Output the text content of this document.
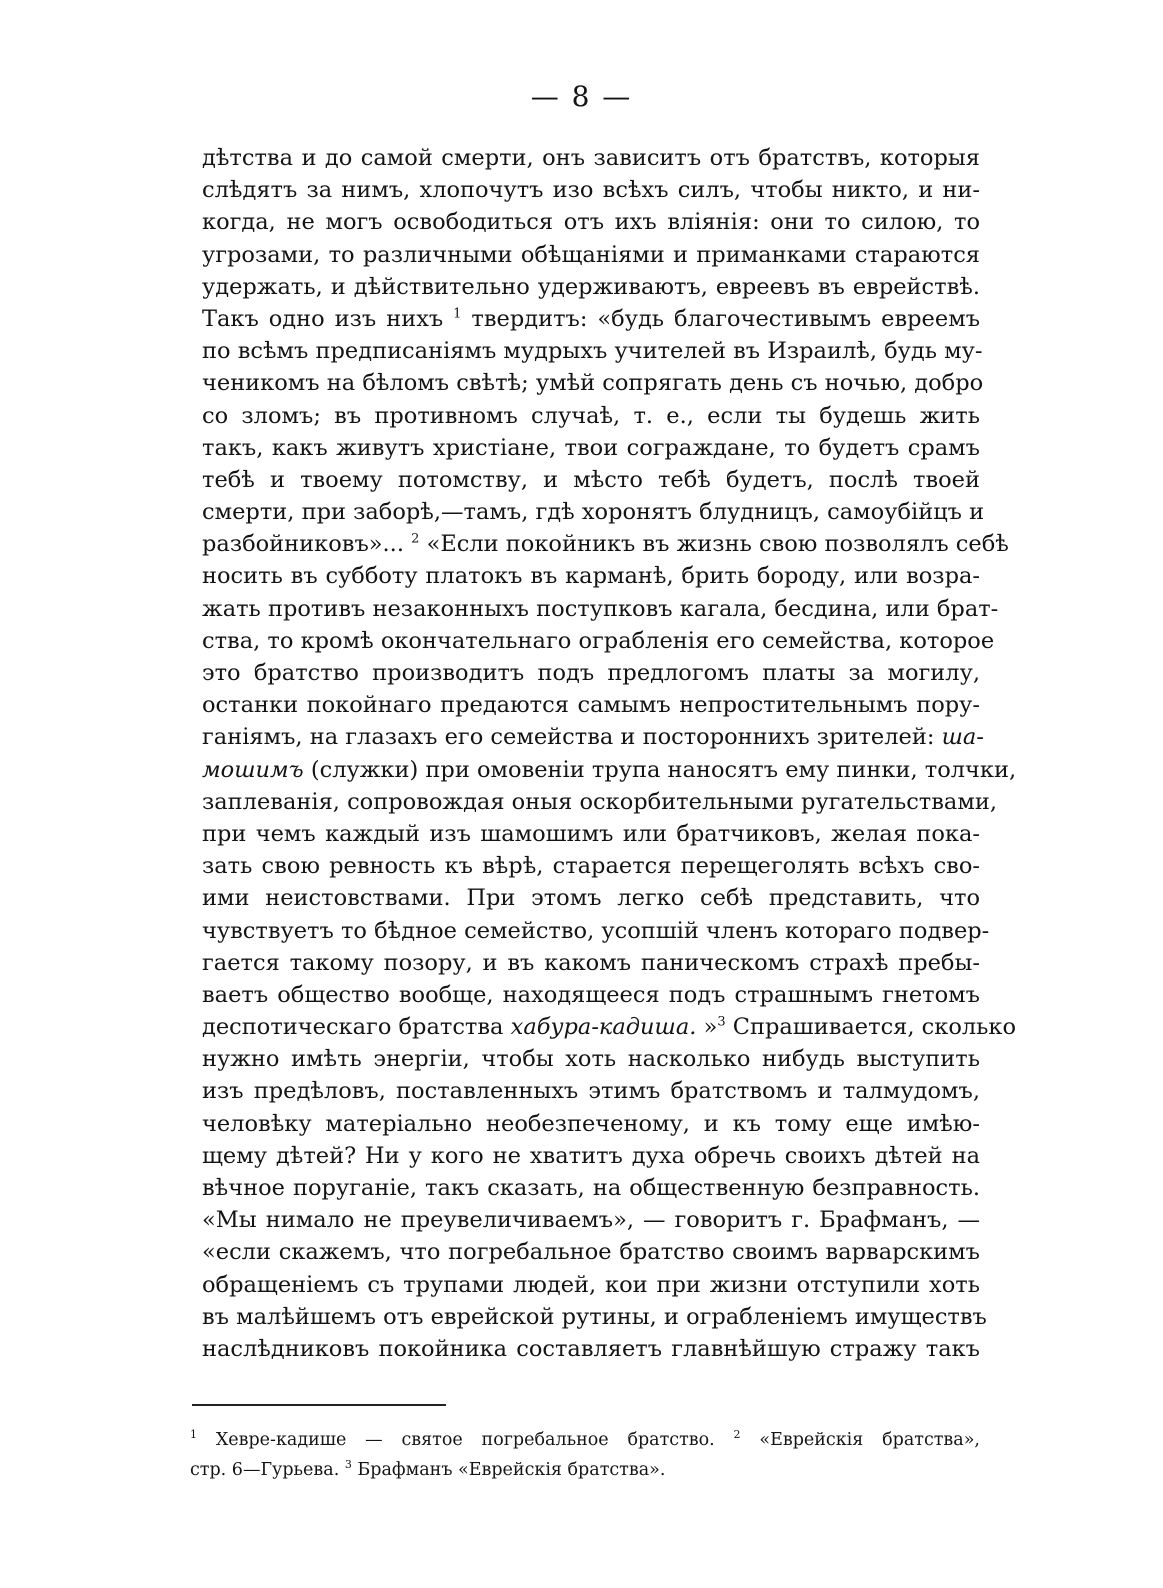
— 8 —
дѣтства и до самой смерти, онъ зависитъ отъ братствъ, которыя
слѣдятъ за нимъ, хлопочутъ изо всѣхъ силъ, чтобы никто, и ни-
когда, не могъ освободиться отъ ихъ вліянія: они то силою, то
угрозами, то различными обѣщаніями и приманками стараются
удержать, и дѣйствительно удерживаютъ, евреевъ въ еврействѣ.
Такъ одно изъ нихъ $^1$ твердитъ: «будь благочестивымъ евреемъ
по всѣмъ предписаніямъ мудрыхъ учителей въ Израилѣ, будь му-
ченикомъ на бѣломъ свѣтѣ; умѣй сопрягать день съ ночью, добро
со зломъ; въ противномъ случаѣ, т. е., если ты будешь жить
такъ, какъ живутъ христіане, твои согражданe, то будетъ срамъ
тебѣ и твоему потомству, и мѣсто тебѣ будетъ, послѣ твоей
смерти, при заборѣ,—тамъ, гдѣ хоронятъ блудницъ, самоубійцъ и
разбойниковъ»... $^2$ «Если покойникъ въ жизнь свою позволялъ себѣ
носить въ субботу платокъ въ карманѣ, брить бороду, или возра-
жать противъ незаконныхъ поступковъ кагала, бесдина, или брат-
ства, то кромѣ окончательнаго ограбленія его семейства, которое
это братство производитъ подъ предлогомъ платы за могилу,
останки покойнаго предаются самымъ непростительнымъ пору-
ганіямъ, на глазахъ его семейства и постороннихъ зрителей: ша-
мошимъ (служки) при омовеніи трупа наносятъ ему пинки, толчки,
заплеванія, сопровождая оныя оскорбительными ругательствами,
при чемъ каждый изъ шамошимъ или братчиковъ, желая пока-
зать свою ревность къ вѣрѣ, старается перещеголять всѣхъ сво-
ими неистовствами. При этомъ легко себѣ представить, что
чувствуетъ то бѣдное семейство, усопшій членъ котораго подвер-
гается такому позору, и въ какомъ паническомъ страхѣ пребы-
ваетъ общество вообще, находящееся подъ страшнымъ гнетомъ
деспотическаго братства хабура-кадиша. »$^3$ Спрашивается, сколько
нужно имѣть энергіи, чтобы хоть насколько нибудь выступить
изъ предѣловъ, поставленныхъ этимъ братствомъ и талмудомъ,
человѣку матеріально необезпеченому, и къ тому еще имѣю-
щему дѣтей? Ни у кого не хватитъ духа обречь своихъ дѣтей на
вѣчное поруганіе, такъ сказать, на общественную безправность.
«Мы нимало не преувеличиваемъ», — говоритъ г. Брафманъ, —
«если скажемъ, что погребальное братство своимъ варварскимъ
обращеніемъ съ трупами людей, кои при жизни отступили хоть
въ малѣйшемъ отъ еврейской рутины, и ограбленіемъ имуществъ
наслѣдниковъ покойника составляетъ главнѣйшую стражу такъ
$^1$ Хевре-кадише — святое погребальное братство. $^2$ «Еврейскія братства»,
стр. 6—Гурьева. $^3$ Брафманъ «Еврейскія братства».
